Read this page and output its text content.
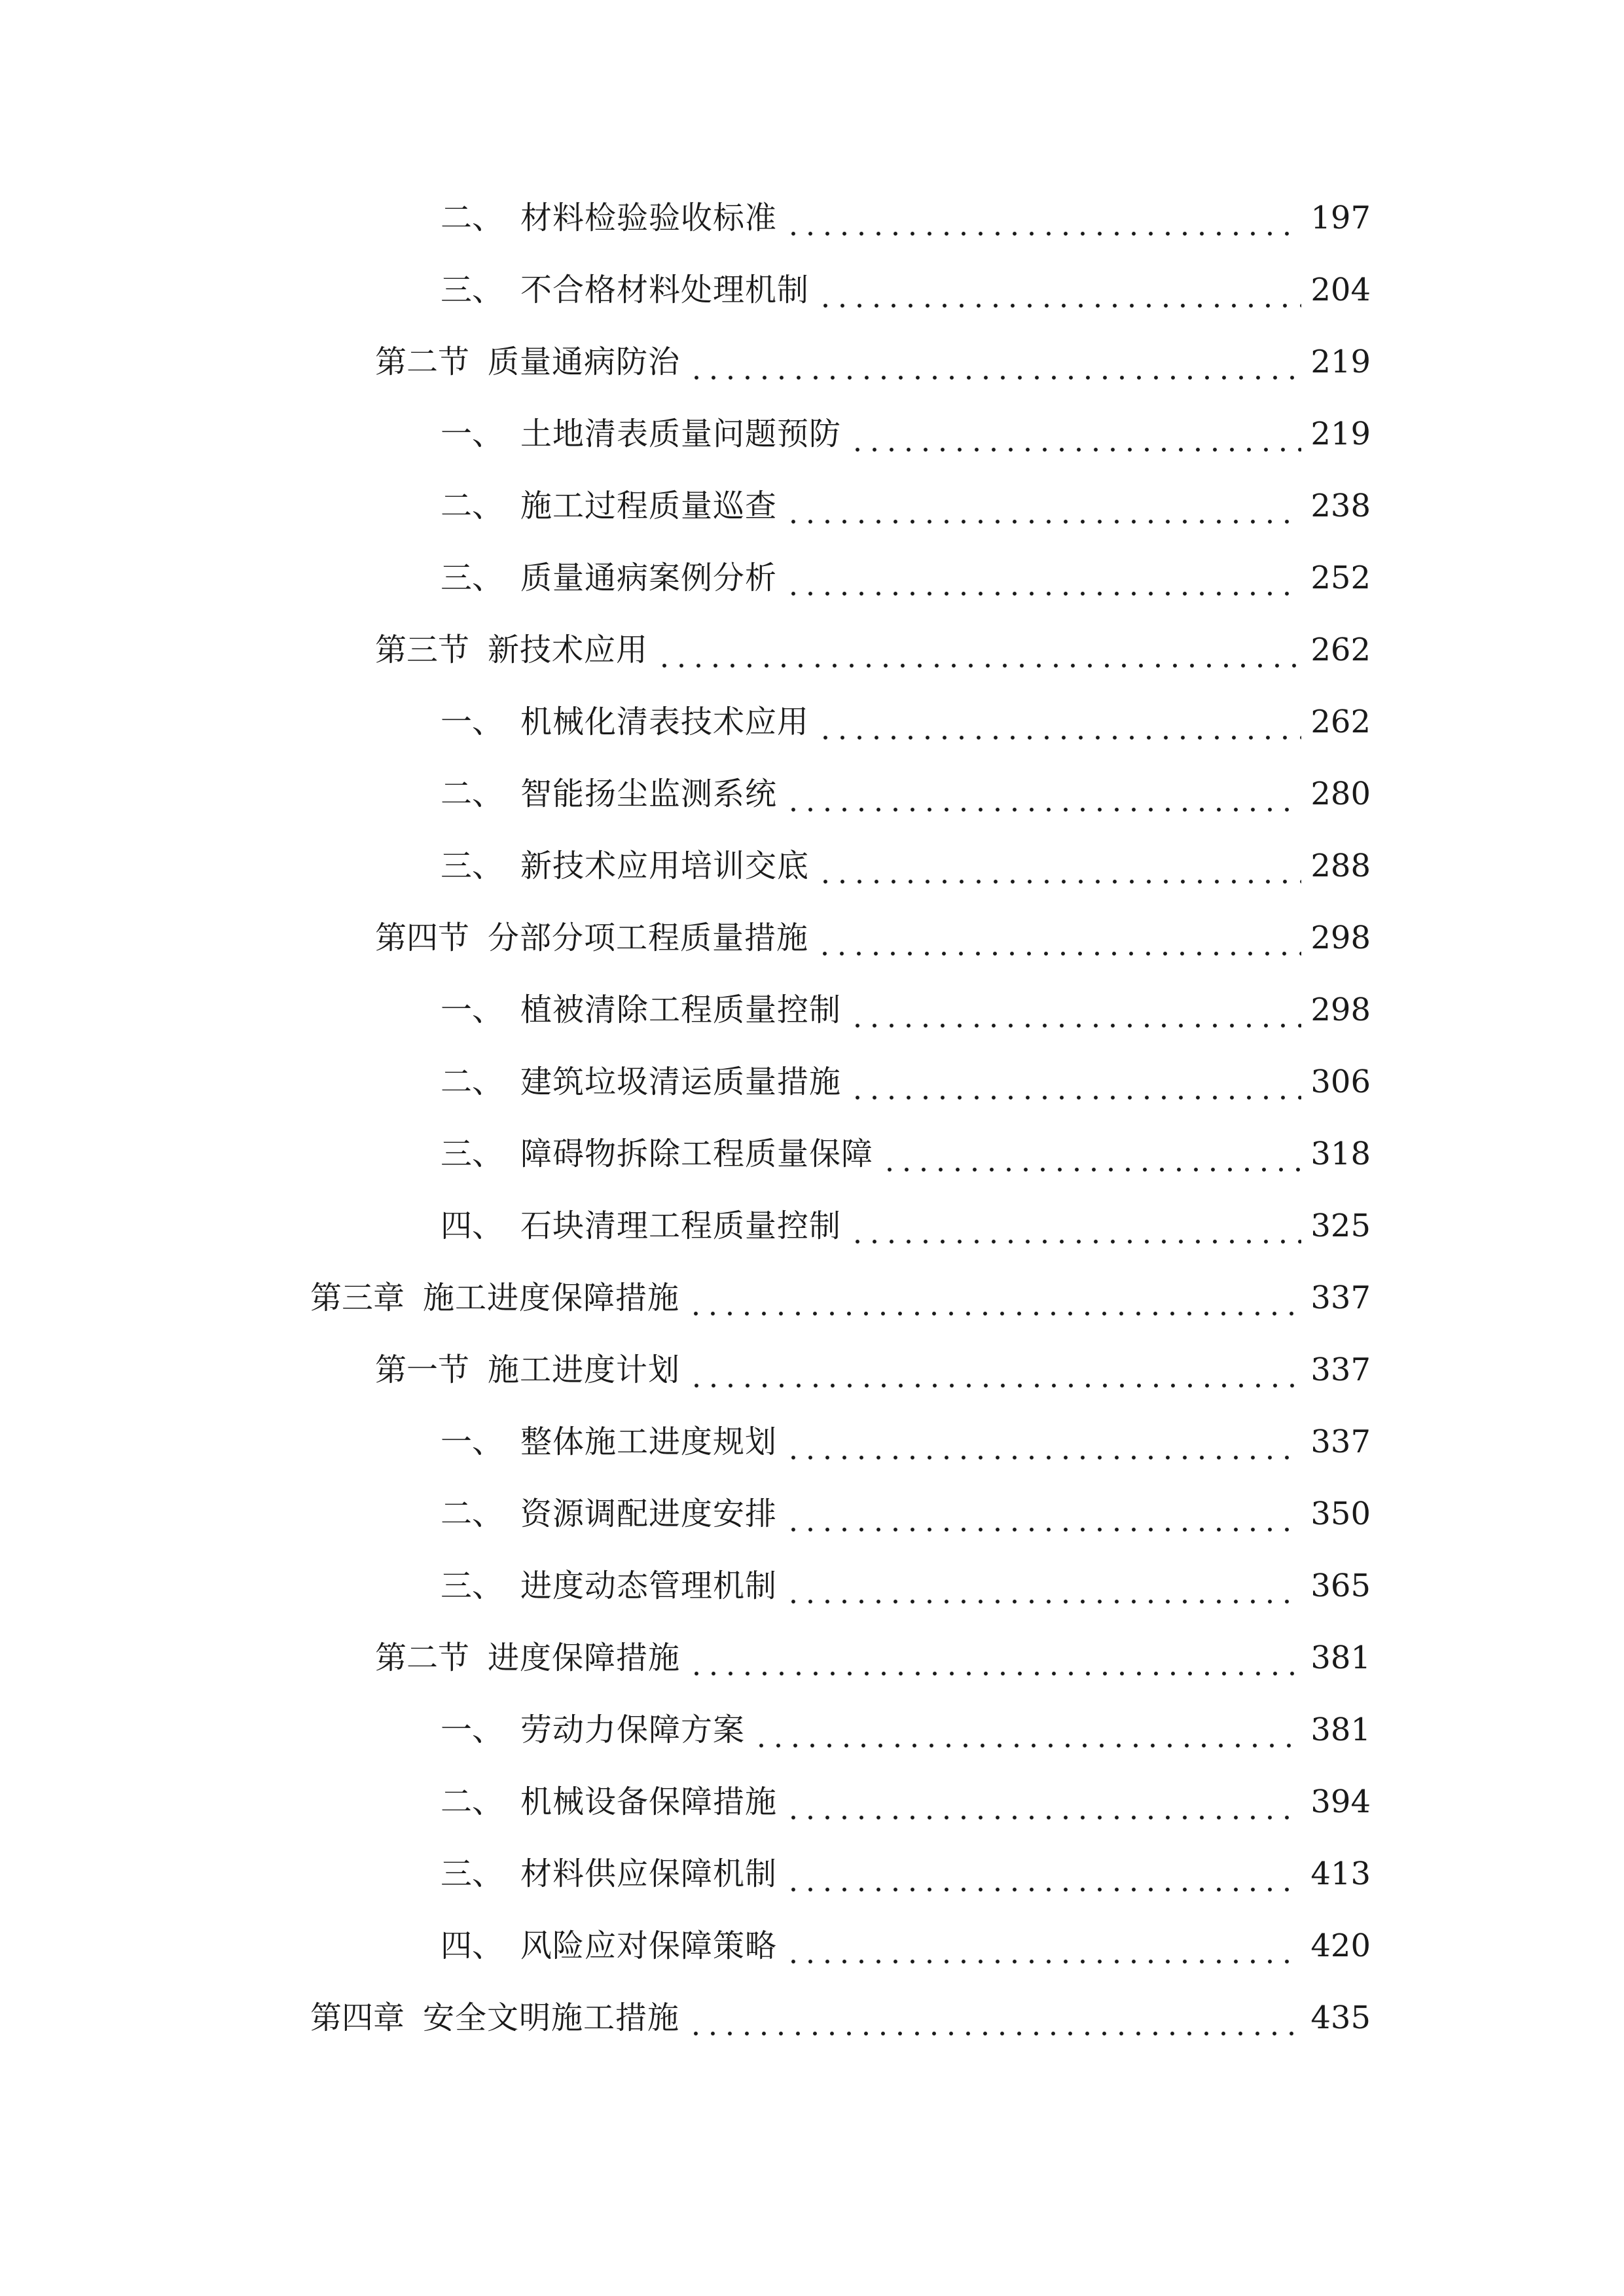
二、 材料检验验收标准	197
三、 不合格材料处理机制	204
第二节 质量通病防治	219
一、 土地清表质量问题预防	219
二、 施工过程质量巡查	238
三、 质量通病案例分析	252
第三节 新技术应用	262
一、 机械化清表技术应用	262
二、 智能扬尘监测系统	280
三、 新技术应用培训交底	288
第四节 分部分项工程质量措施	298
一、 植被清除工程质量控制	298
二、 建筑垃圾清运质量措施	306
三、 障碍物拆除工程质量保障	318
四、 石块清理工程质量控制	325
第三章 施工进度保障措施	337
第一节 施工进度计划	337
一、 整体施工进度规划	337
二、 资源调配进度安排	350
三、 进度动态管理机制	365
第二节 进度保障措施	381
一、 劳动力保障方案	381
二、 机械设备保障措施	394
三、 材料供应保障机制	413
四、 风险应对保障策略	420
第四章 安全文明施工措施	435
